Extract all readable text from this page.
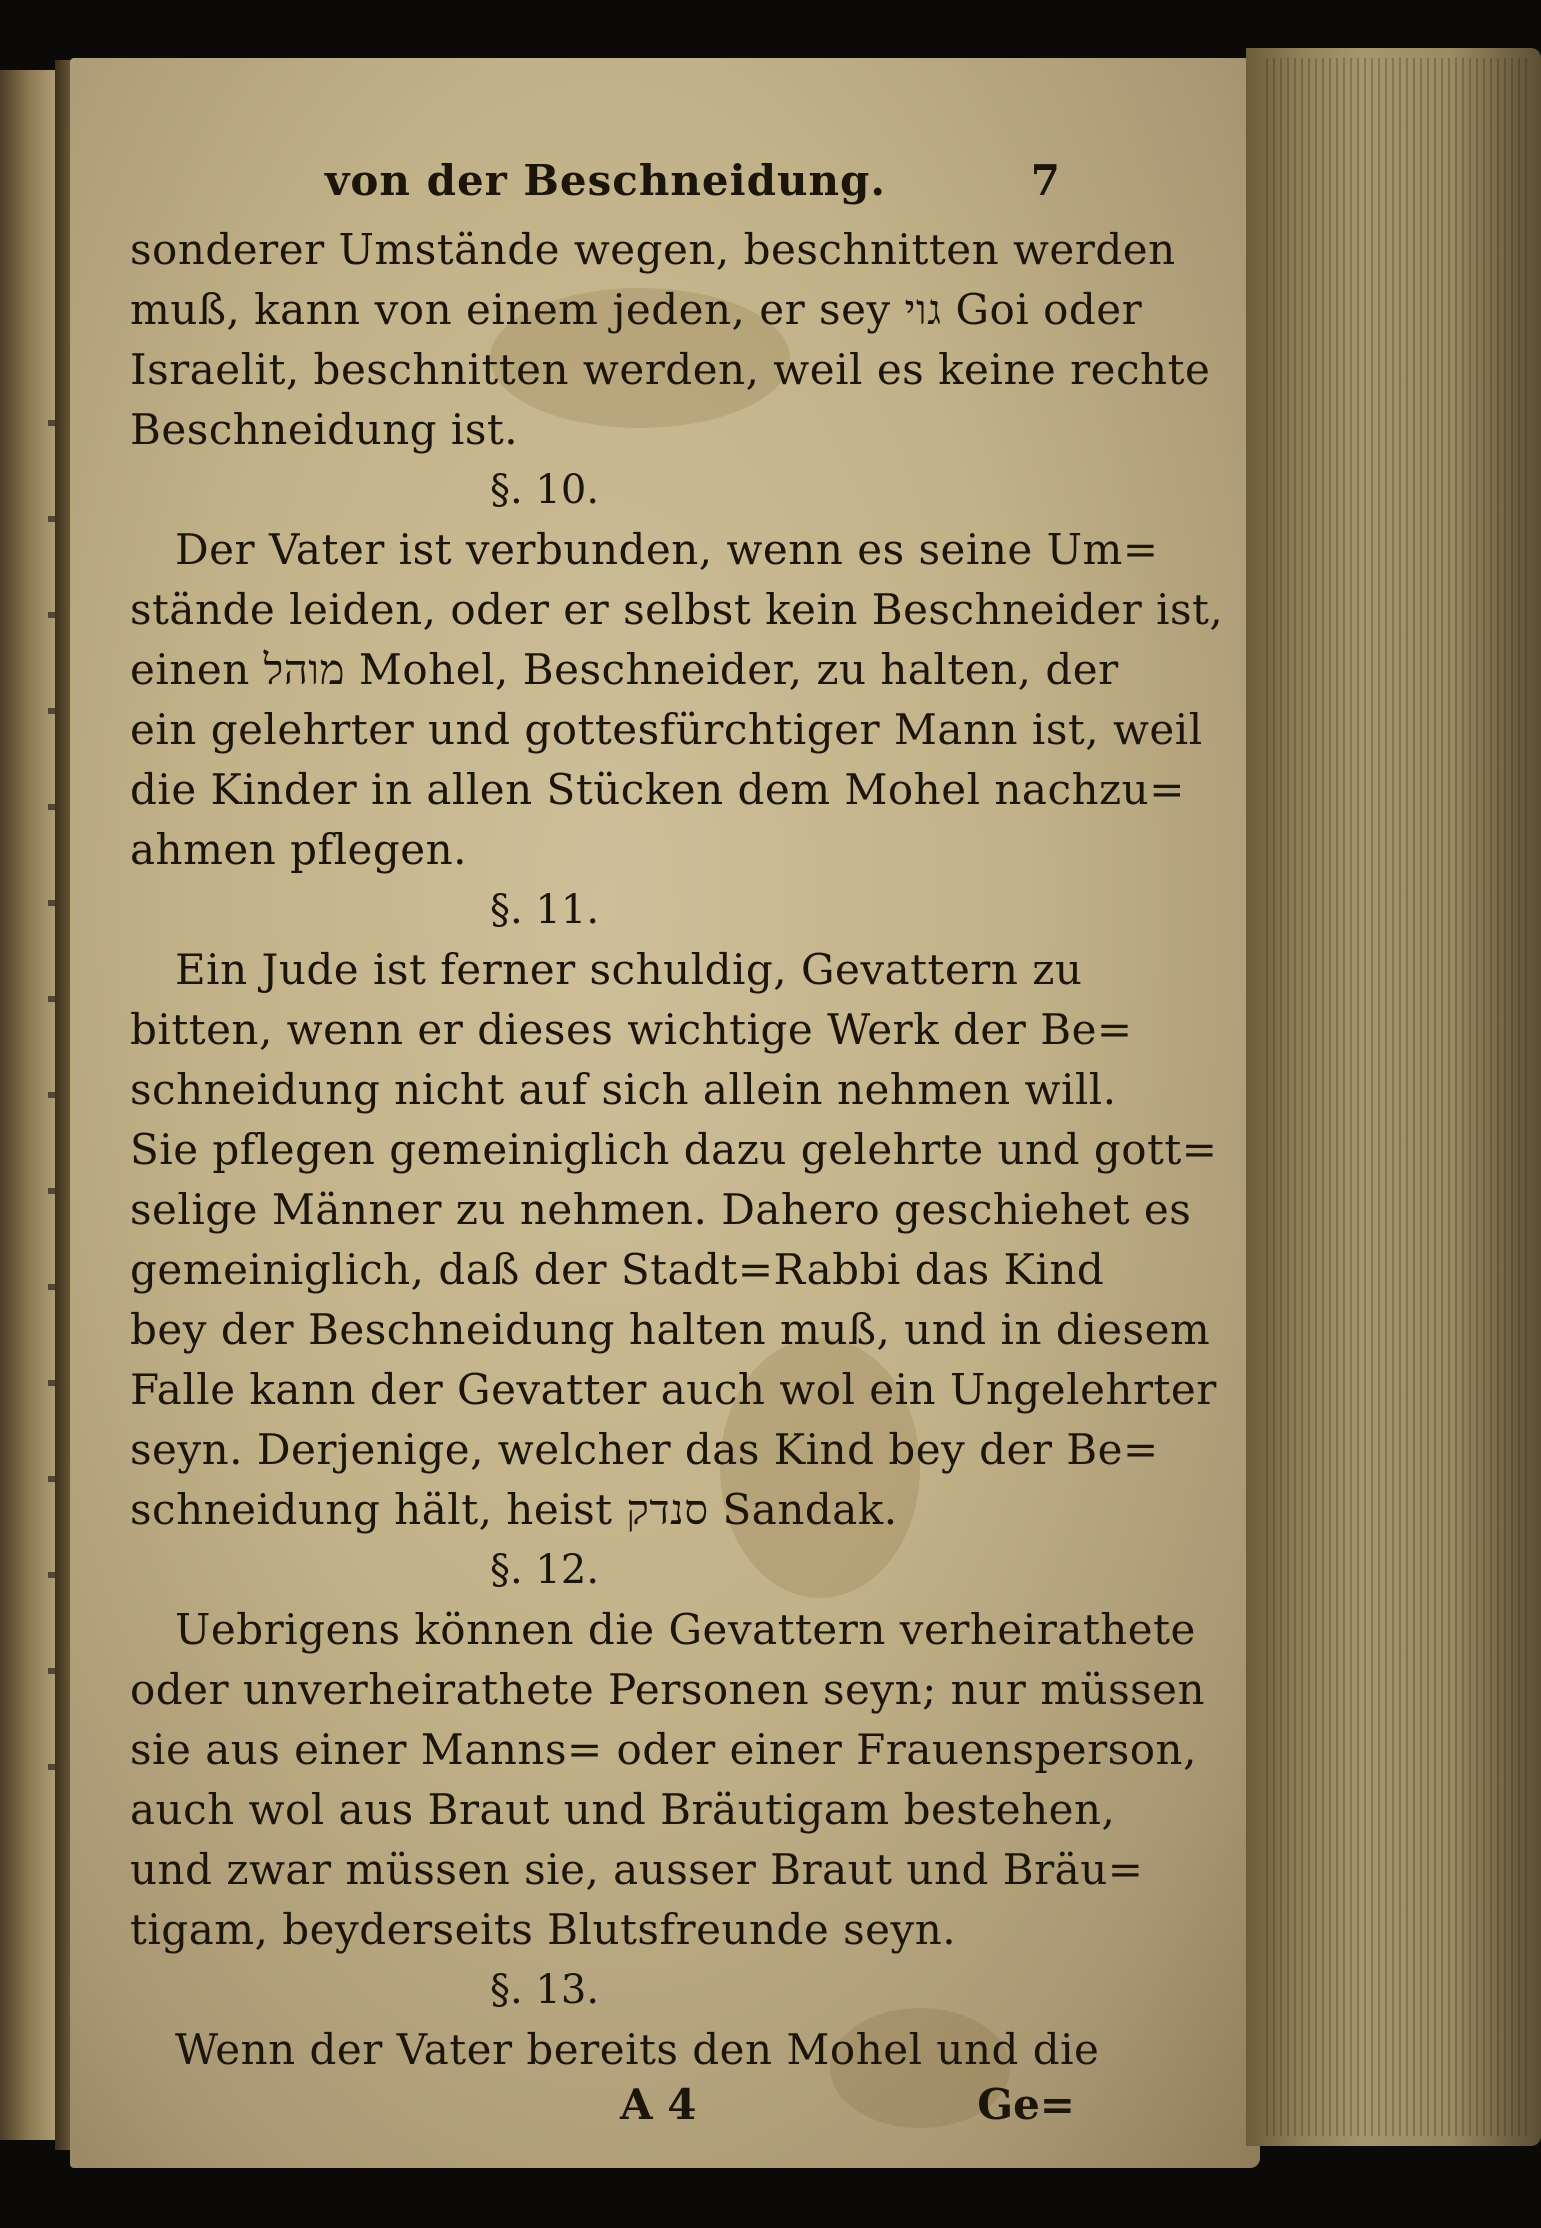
von der Beschneidung.	7
sonderer Umstände wegen, beschnitten werden
muß, kann von einem jeden, er sey גוי Goi oder
Israelit, beschnitten werden, weil es keine rechte
Beschneidung ist.
§. 10.
Der Vater ist verbunden, wenn es seine Um=
stände leiden, oder er selbst kein Beschneider ist,
einen מוהל Mohel, Beschneider, zu halten, der
ein gelehrter und gottesfürchtiger Mann ist, weil
die Kinder in allen Stücken dem Mohel nachzu=
ahmen pflegen.
§. 11.
Ein Jude ist ferner schuldig, Gevattern zu
bitten, wenn er dieses wichtige Werk der Be=
schneidung nicht auf sich allein nehmen will.
Sie pflegen gemeiniglich dazu gelehrte und gott=
selige Männer zu nehmen. Dahero geschiehet es
gemeiniglich, daß der Stadt=Rabbi das Kind
bey der Beschneidung halten muß, und in diesem
Falle kann der Gevatter auch wol ein Ungelehrter
seyn. Derjenige, welcher das Kind bey der Be=
schneidung hält, heist סנדק Sandak.
§. 12.
Uebrigens können die Gevattern verheirathete
oder unverheirathete Personen seyn; nur müssen
sie aus einer Manns= oder einer Frauensperson,
auch wol aus Braut und Bräutigam bestehen,
und zwar müssen sie, ausser Braut und Bräu=
tigam, beyderseits Blutsfreunde seyn.
§. 13.
Wenn der Vater bereits den Mohel und die
A 4	Ge=
